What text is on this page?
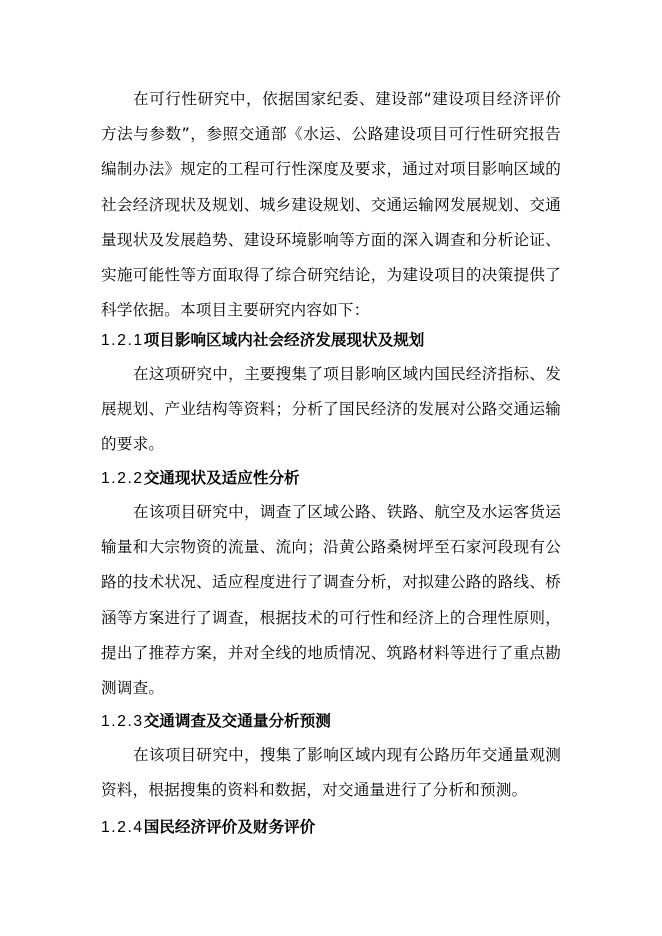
在可行性研究中，依据国家纪委、建设部“建设项目经济评价方法与参数”，参照交通部《水运、公路建设项目可行性研究报告编制办法》规定的工程可行性深度及要求，通过对项目影响区域的社会经济现状及规划、城乡建设规划、交通运输网发展规划、交通量现状及发展趋势、建设环境影响等方面的深入调查和分析论证、实施可能性等方面取得了综合研究结论，为建设项目的决策提供了科学依据。本项目主要研究内容如下：

1.2.1项目影响区域内社会经济发展现状及规划

在这项研究中，主要搜集了项目影响区域内国民经济指标、发展规划、产业结构等资料；分析了国民经济的发展对公路交通运输的要求。

1.2.2交通现状及适应性分析

在该项目研究中，调查了区域公路、铁路、航空及水运客货运输量和大宗物资的流量、流向；沿黄公路桑树坪至石家河段现有公路的技术状况、适应程度进行了调查分析，对拟建公路的路线、桥涵等方案进行了调查，根据技术的可行性和经济上的合理性原则，提出了推荐方案，并对全线的地质情况、筑路材料等进行了重点勘测调查。

1.2.3交通调查及交通量分析预测

在该项目研究中，搜集了影响区域内现有公路历年交通量观测资料，根据搜集的资料和数据，对交通量进行了分析和预测。

1.2.4国民经济评价及财务评价
